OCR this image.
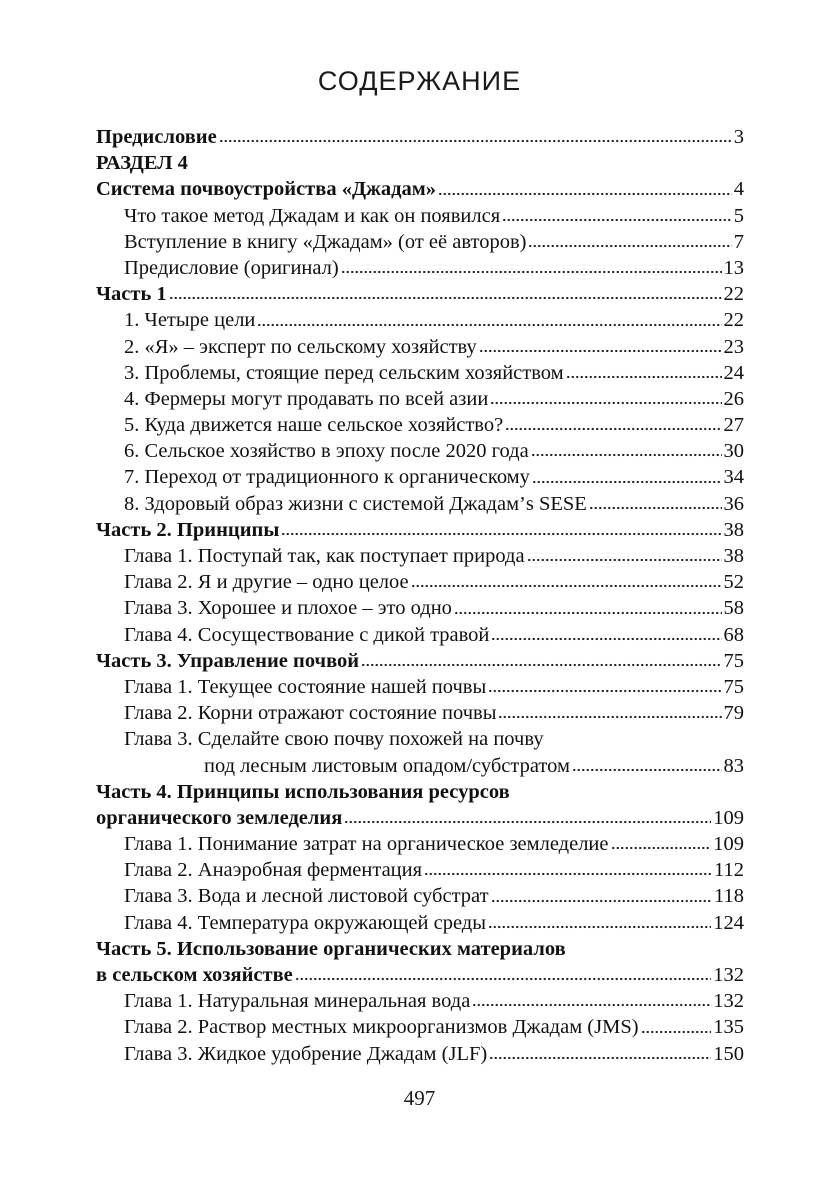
СОДЕРЖАНИЕ
Предисловие	3
РАЗДЕЛ 4
Система почвоустройства «Джадам»	4
Что такое метод Джадам и как он появился	5
Вступление в книгу «Джадам» (от её авторов)	7
Предисловие (оригинал)	13
Часть 1	22
1. Четыре цели	22
2. «Я» – эксперт по сельскому хозяйству	23
3. Проблемы, стоящие перед сельским хозяйством	24
4. Фермеры могут продавать по всей азии	26
5. Куда движется наше сельское хозяйство?	27
6. Сельское хозяйство в эпоху после 2020 года	30
7. Переход от традиционного к органическому	34
8. Здоровый образ жизни с системой Джадам’s SESE	36
Часть 2. Принципы	38
Глава 1. Поступай так, как поступает природа	38
Глава 2. Я и другие – одно целое	52
Глава 3. Хорошее и плохое – это одно	58
Глава 4. Сосуществование с дикой травой	68
Часть 3. Управление почвой	75
Глава 1. Текущее состояние нашей почвы	75
Глава 2. Корни отражают состояние почвы	79
Глава 3. Сделайте свою почву похожей на почву
под лесным листовым опадом/субстратом	83
Часть 4. Принципы использования ресурсов
органического земледелия	109
Глава 1. Понимание затрат на органическое земледелие	109
Глава 2. Анаэробная ферментация	112
Глава 3. Вода и лесной листовой субстрат	118
Глава 4. Температура окружающей среды	124
Часть 5. Использование органических материалов
в сельском хозяйстве	132
Глава 1. Натуральная минеральная вода	132
Глава 2. Раствор местных микроорганизмов Джадам (JMS)	135
Глава 3. Жидкое удобрение Джадам (JLF)	150
497
